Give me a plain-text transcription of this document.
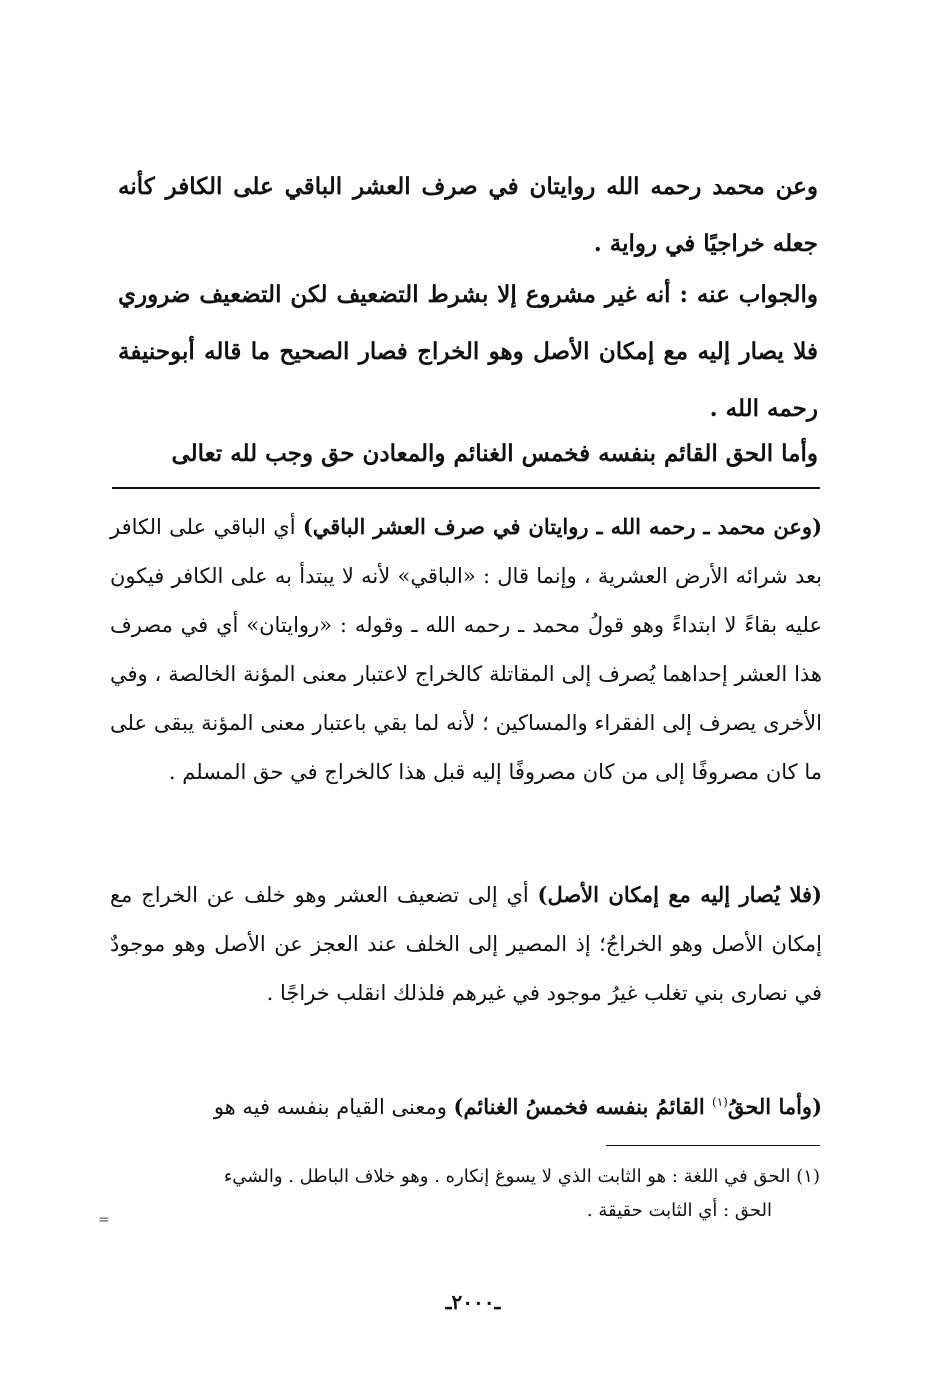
وعن محمد رحمه الله روايتان في صرف العشر الباقي على الكافر كأنه جعله خراجيًا في رواية .

والجواب عنه : أنه غير مشروع إلا بشرط التضعيف لكن التضعيف ضروري فلا يصار إليه مع إمكان الأصل وهو الخراج فصار الصحيح ما قاله أبوحنيفة رحمه الله .

وأما الحق القائم بنفسه فخمس الغنائم والمعادن حق وجب لله تعالى

(وعن محمد ـ رحمه الله ـ روايتان في صرف العشر الباقي) أي الباقي على الكافر بعد شرائه الأرض العشرية ، وإنما قال : «الباقي» لأنه لا يبتدأ به على الكافر فيكون عليه بقاءً لا ابتداءً وهو قولُ محمد ـ رحمه الله ـ وقوله : «روايتان» أي في مصرف هذا العشر إحداهما يُصرف إلى المقاتلة كالخراج لاعتبار معنى المؤنة الخالصة ، وفي الأخرى يصرف إلى الفقراء والمساكين ؛ لأنه لما بقي باعتبار معنى المؤنة يبقى على ما كان مصروفًا إلى من كان مصروفًا إليه قبل هذا كالخراج في حق المسلم .

(فلا يُصار إليه مع إمكان الأصل) أي إلى تضعيف العشر وهو خلف عن الخراج مع إمكان الأصل وهو الخراجُ؛ إذ المصير إلى الخلف عند العجز عن الأصل وهو موجودٌ في نصارى بني تغلب غيرُ موجود في غيرهم فلذلك انقلب خراجًا .

(وأما الحقُ$^{(١)}$ القائمُ بنفسه فخمسُ الغنائم) ومعنى القيام بنفسه فيه هو

(١) الحق في اللغة : هو الثابت الذي لا يسوغ إنكاره . وهو خلاف الباطل . والشيء
الحق : أي الثابت حقيقة .
=
ـ٢٠٠٠ـ
